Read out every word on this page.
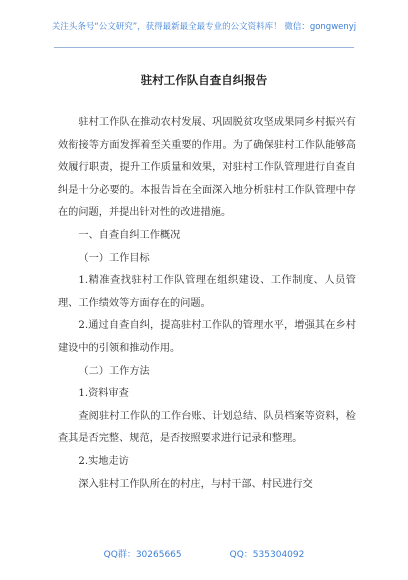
关注头条号“公文研究”，获得最新最全最专业的公文资料库！ 微信：gongwenyj
驻村工作队自查自纠报告

驻村工作队在推动农村发展、巩固脱贫攻坚成果同乡村振兴有效衔接等方面发挥着至关重要的作用。为了确保驻村工作队能够高效履行职责，提升工作质量和效果，对驻村工作队管理进行自查自纠是十分必要的。本报告旨在全面深入地分析驻村工作队管理中存在的问题，并提出针对性的改进措施。

一、自查自纠工作概况

（一）工作目标

1.精准查找驻村工作队管理在组织建设、工作制度、人员管理、工作绩效等方面存在的问题。

2.通过自查自纠，提高驻村工作队的管理水平，增强其在乡村建设中的引领和推动作用。

（二）工作方法

1.资料审查

查阅驻村工作队的工作台账、计划总结、队员档案等资料，检查其是否完整、规范，是否按照要求进行记录和整理。

2.实地走访

深入驻村工作队所在的村庄，与村干部、村民进行交

QQ群：30265665	QQ：535304092
